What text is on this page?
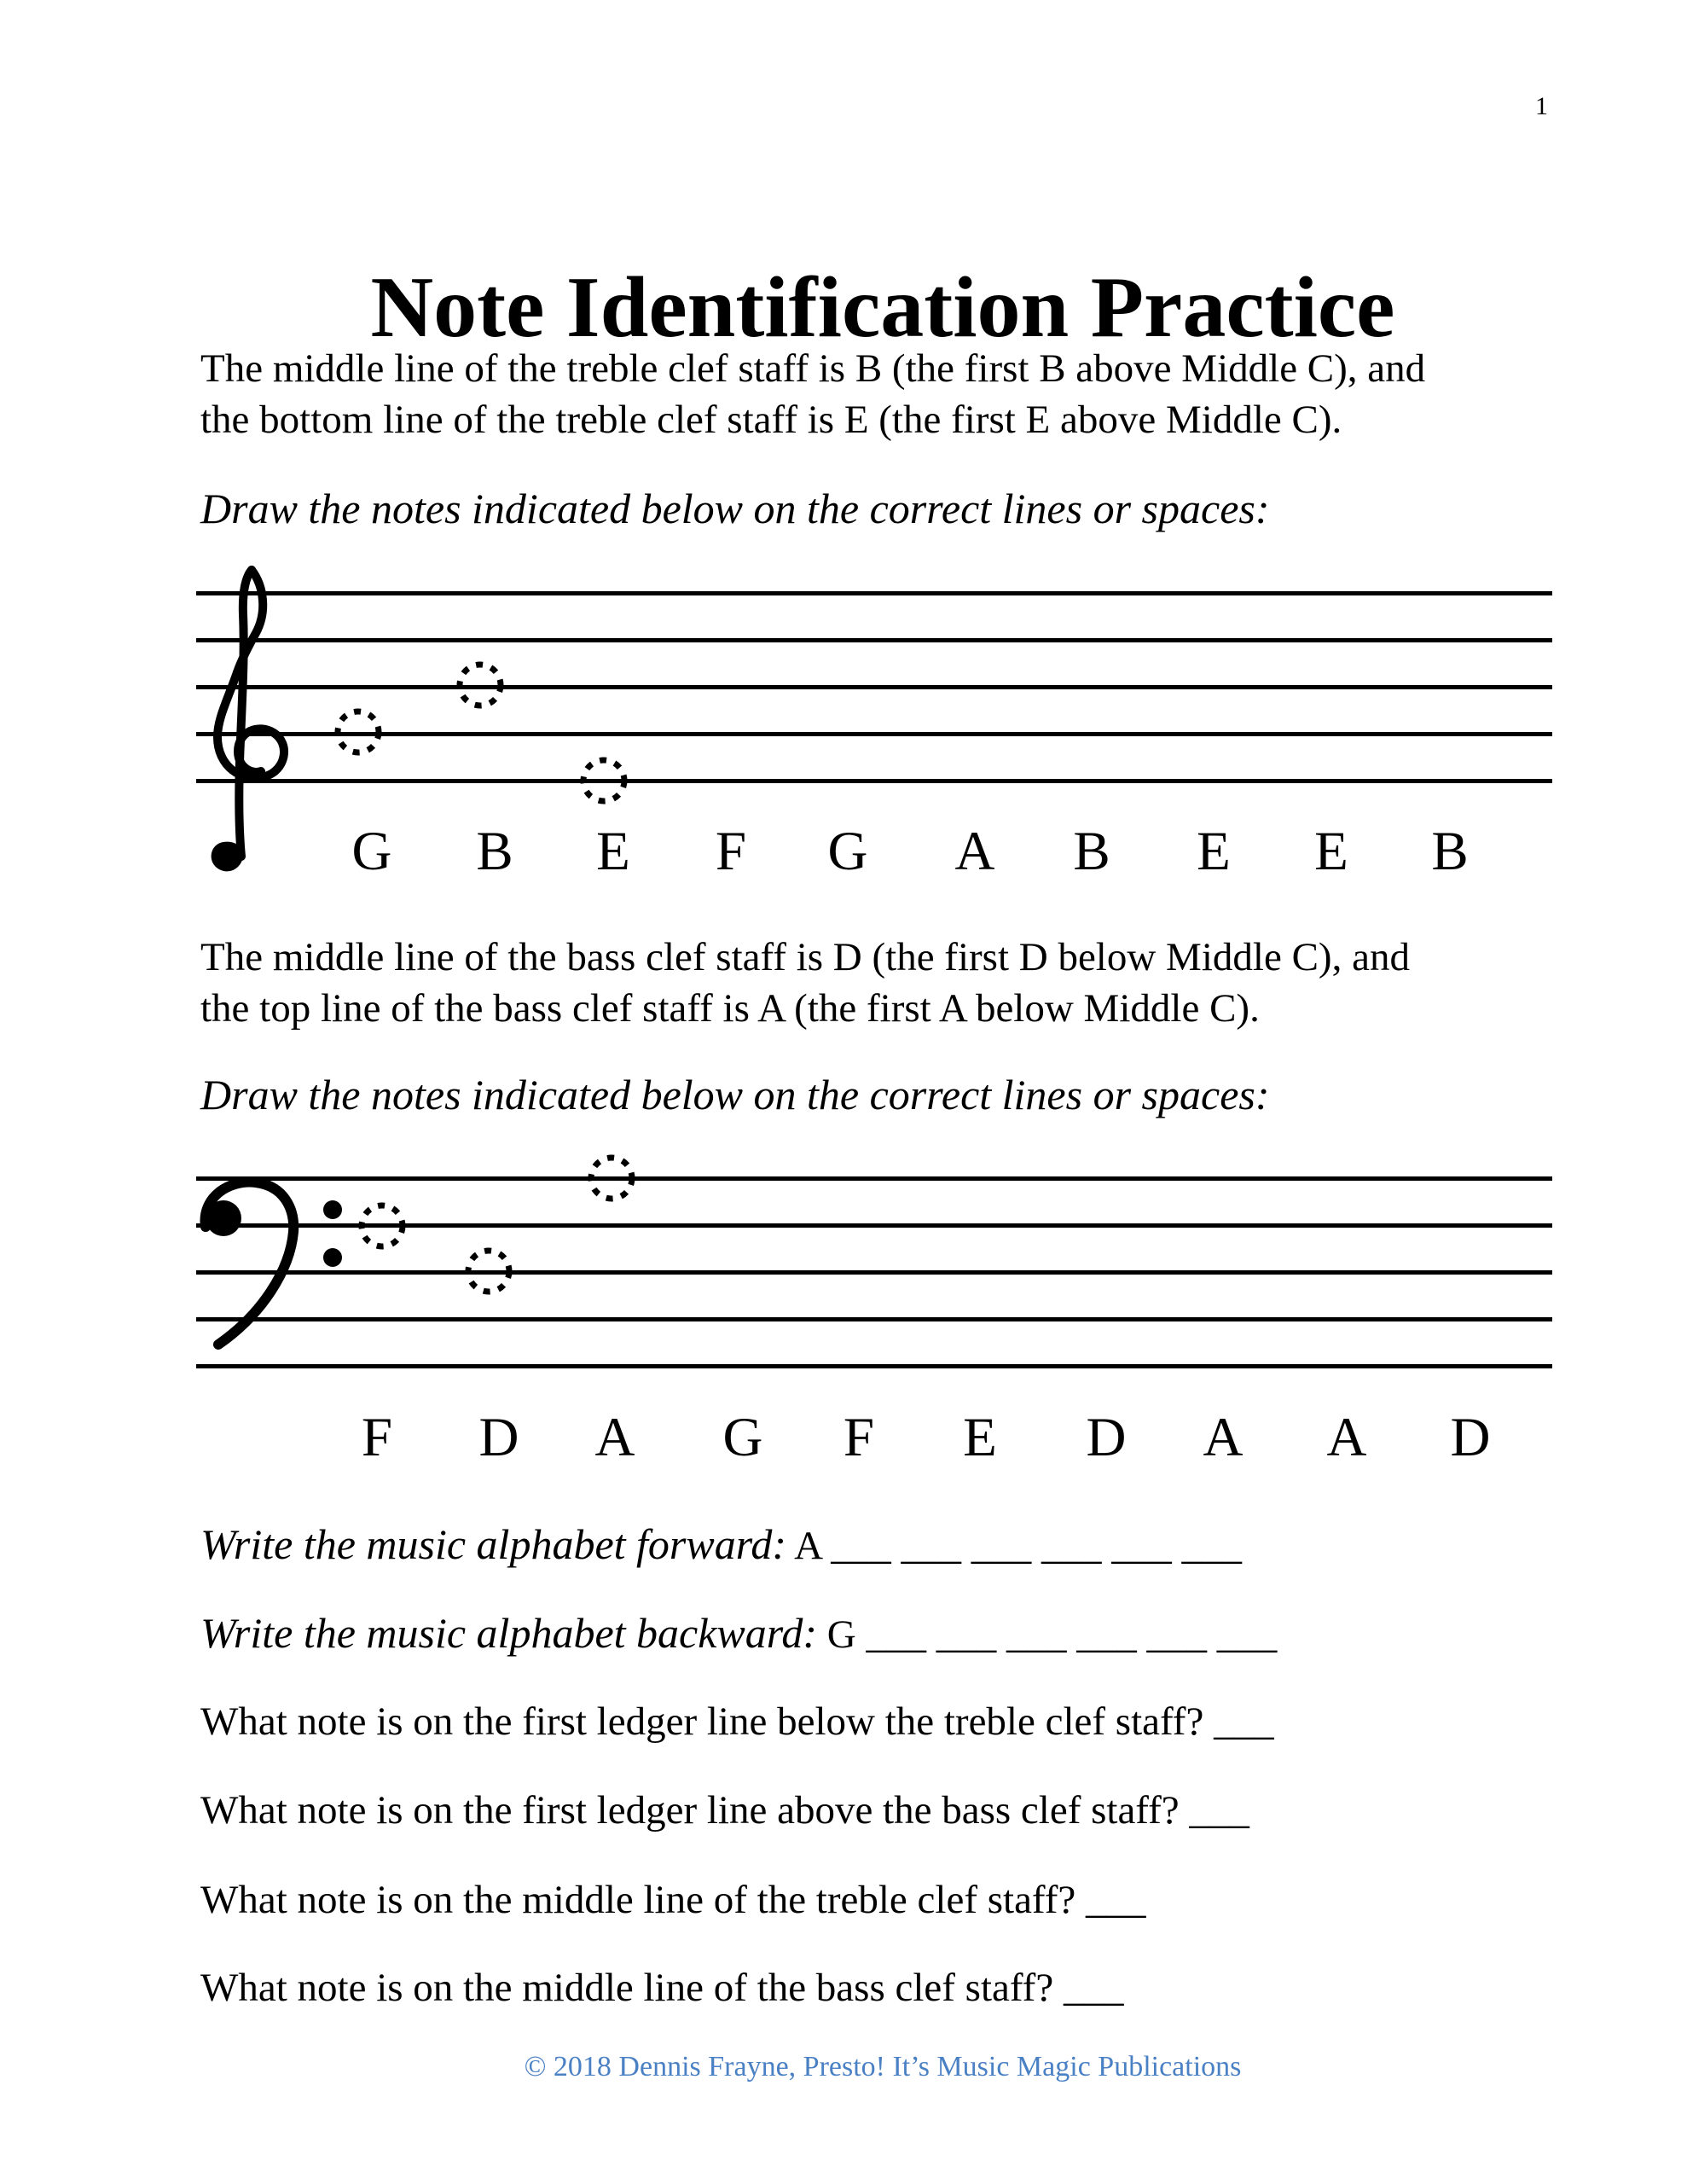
1
Note Identification Practice
The middle line of the treble clef staff is B (the first B above Middle C), and
the bottom line of the treble clef staff is E (the first E above Middle C).
Draw the notes indicated below on the correct lines or spaces:
G B E F G A B E E B
The middle line of the bass clef staff is D (the first D below Middle C), and
the top line of the bass clef staff is A (the first A below Middle C).
Draw the notes indicated below on the correct lines or spaces:
F D A G F E D A A D
Write the music alphabet forward: A ___ ___ ___ ___ ___ ___
Write the music alphabet backward: G ___ ___ ___ ___ ___ ___
What note is on the first ledger line below the treble clef staff? ___
What note is on the first ledger line above the bass clef staff? ___
What note is on the middle line of the treble clef staff? ___
What note is on the middle line of the bass clef staff? ___
© 2018 Dennis Frayne, Presto! It’s Music Magic Publications
